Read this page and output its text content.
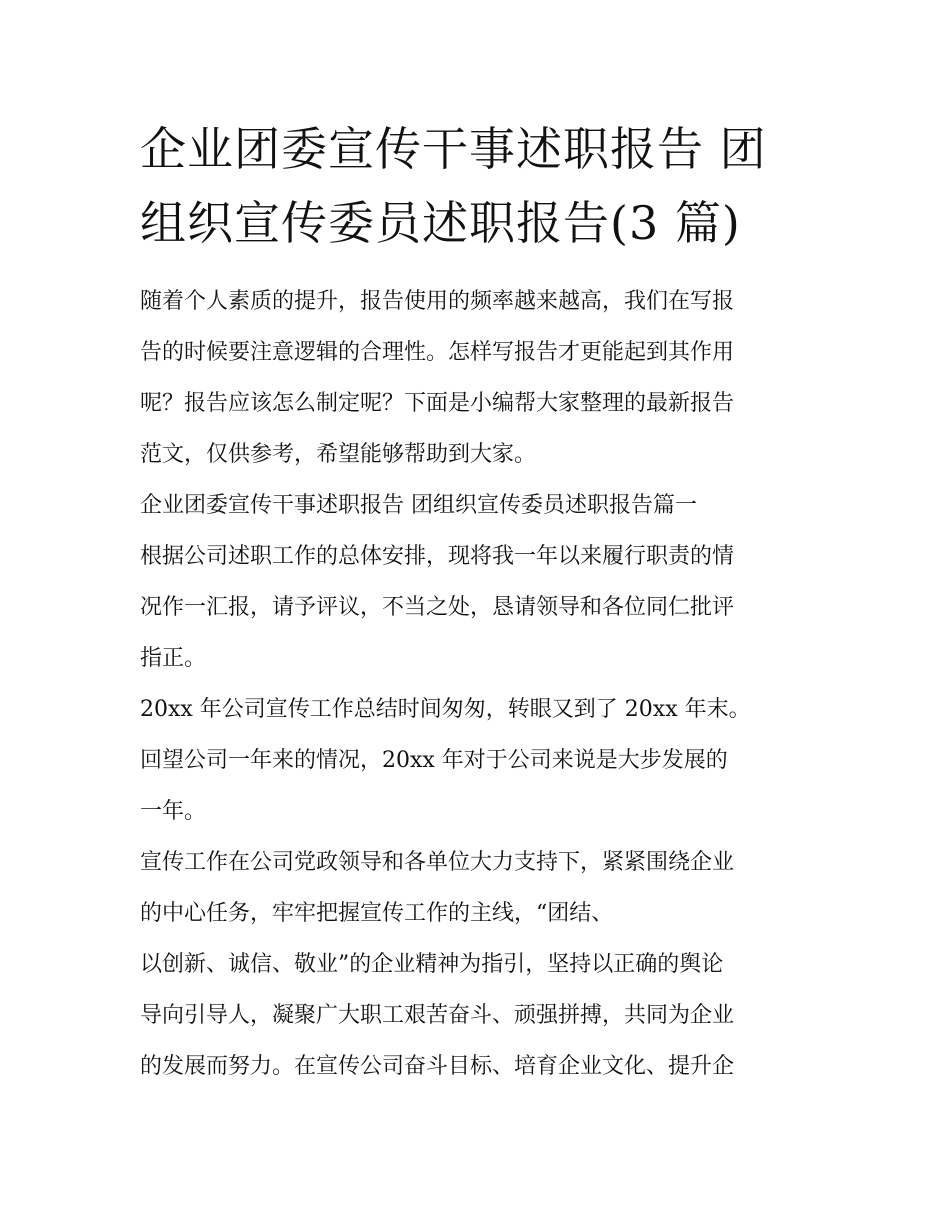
企业团委宣传干事述职报告 团
组织宣传委员述职报告(3 篇)
随着个人素质的提升，报告使用的频率越来越高，我们在写报
告的时候要注意逻辑的合理性。怎样写报告才更能起到其作用
呢？报告应该怎么制定呢？下面是小编帮大家整理的最新报告
范文，仅供参考，希望能够帮助到大家。
企业团委宣传干事述职报告 团组织宣传委员述职报告篇一
根据公司述职工作的总体安排，现将我一年以来履行职责的情
况作一汇报，请予评议，不当之处，恳请领导和各位同仁批评
指正。
20xx 年公司宣传工作总结时间匆匆，转眼又到了 20xx 年末。
回望公司一年来的情况，20xx 年对于公司来说是大步发展的
一年。
宣传工作在公司党政领导和各单位大力支持下，紧紧围绕企业
的中心任务，牢牢把握宣传工作的主线，“团结、
以创新、诚信、敬业”的企业精神为指引，坚持以正确的舆论
导向引导人，凝聚广大职工艰苦奋斗、顽强拼搏，共同为企业
的发展而努力。在宣传公司奋斗目标、培育企业文化、提升企
